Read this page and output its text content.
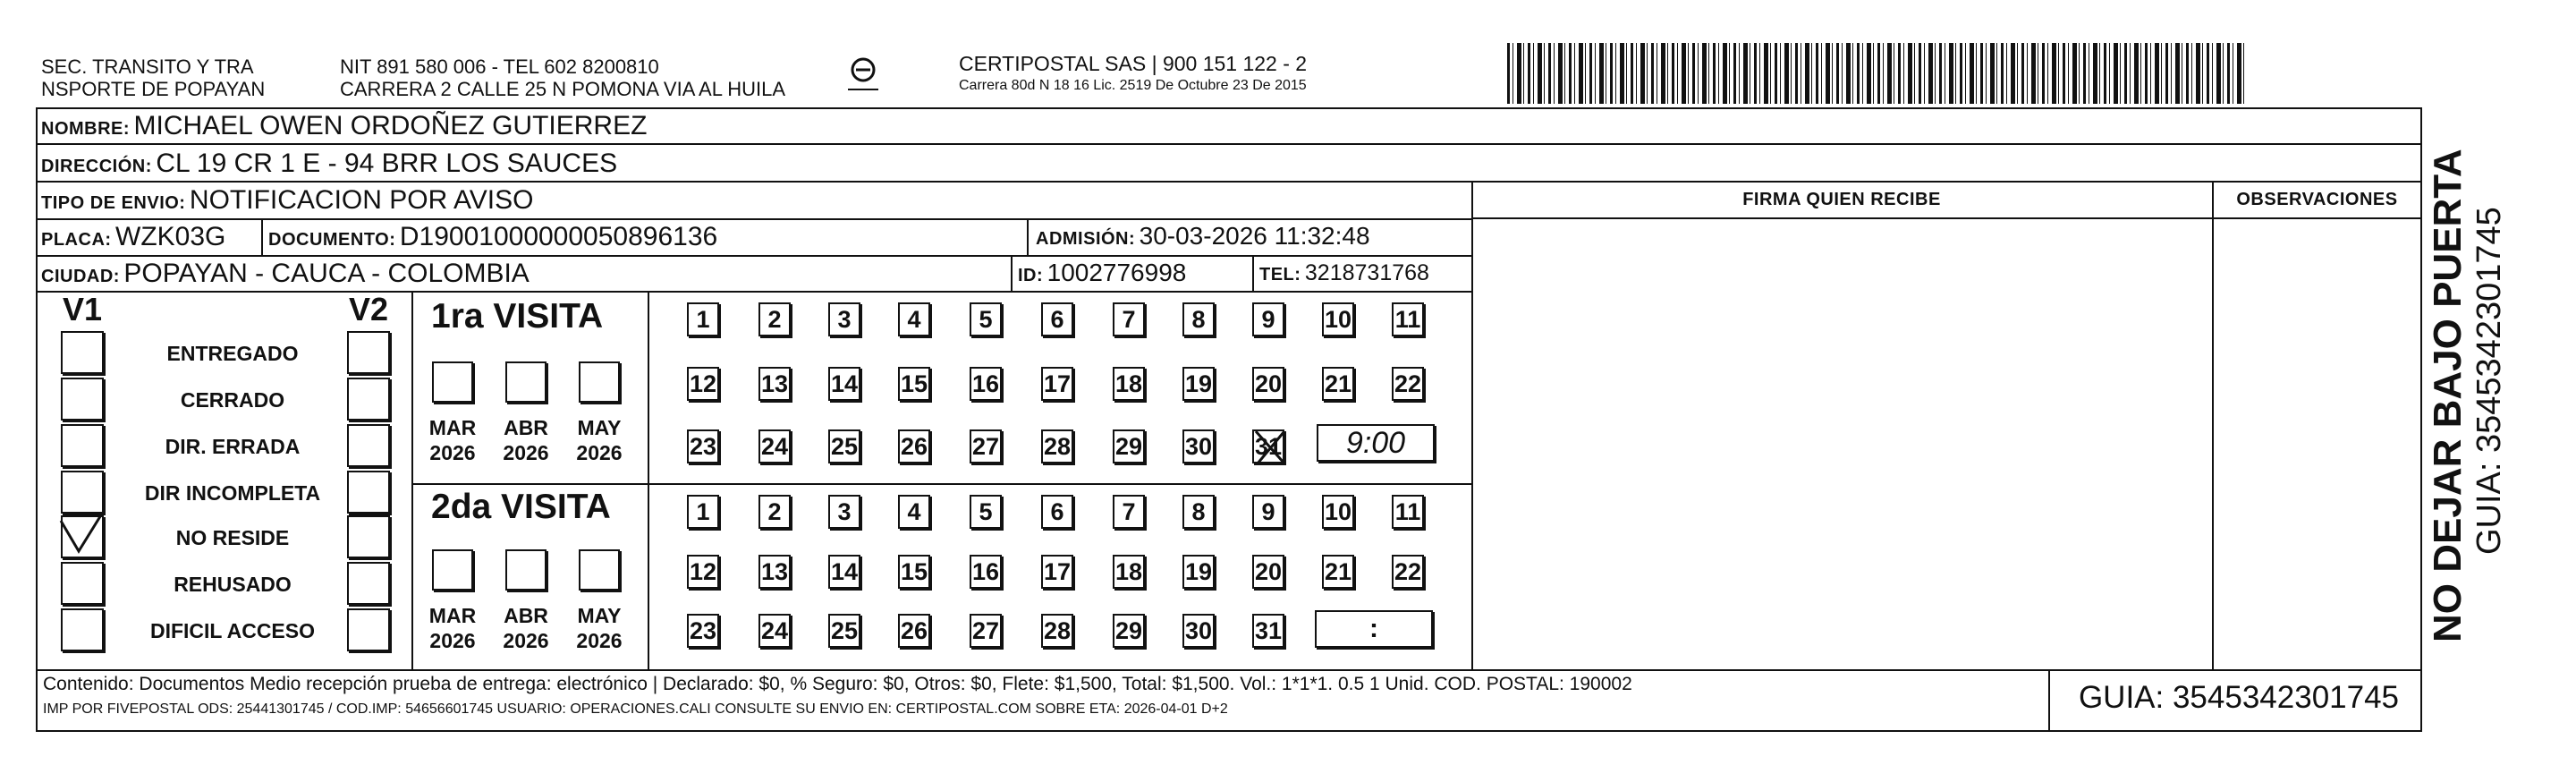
SEC. TRANSITO Y TRA
NSPORTE DE POPAYAN
NIT 891 580 006 - TEL 602 8200810
CARRERA 2 CALLE 25 N POMONA VIA AL HUILA
CERTIPOSTAL SAS | 900 151 122 - 2
Carrera 80d N 18 16 Lic. 2519 De Octubre 23 De 2015
NOMBRE: MICHAEL OWEN ORDOÑEZ GUTIERREZ
DIRECCIÓN: CL 19 CR 1 E - 94 BRR LOS SAUCES
TIPO DE ENVIO: NOTIFICACION POR AVISO	FIRMA QUIEN RECIBE	OBSERVACIONES
PLACA: WZK03G DOCUMENTO: D19001000000050896136	ADMISIÓN: 30-03-2026 11:32:48
CIUDAD: POPAYAN - CAUCA - COLOMBIA	ID: 1002776998	TEL: 3218731768
V1	V2
ENTREGADO
CERRADO
DIR. ERRADA
DIR INCOMPLETA
NO RESIDE
REHUSADO
DIFICIL ACCESO
1ra VISITA
2da VISITA
MAR
2026
ABR
2026
MAY
2026
MAR
2026
ABR
2026
MAY
2026
1	2	3	4	5	6	7	8	9	10 11
12 13 14 15 16 17 18 19 20 21 22
23 24 25 26 27 28 29 30 31
1	2	3	4	5	6	7	8	9	10 11
12 13 14 15 16 17 18 19 20 21 22
23 24 25 26 27 28 29 30 31
9:00
:
Contenido: Documentos Medio recepción prueba de entrega: electrónico | Declarado: $0, % Seguro: $0, Otros: $0, Flete: $1,500, Total: $1,500. Vol.: 1*1*1. 0.5 1 Unid. COD. POSTAL: 190002
IMP POR FIVEPOSTAL ODS: 25441301745 / COD.IMP: 54656601745 USUARIO: OPERACIONES.CALI CONSULTE SU ENVIO EN: CERTIPOSTAL.COM SOBRE ETA: 2026-04-01 D+2	GUIA: 3545342301745
NO DEJAR BAJO PUERTA GUIA: 3545342301745
